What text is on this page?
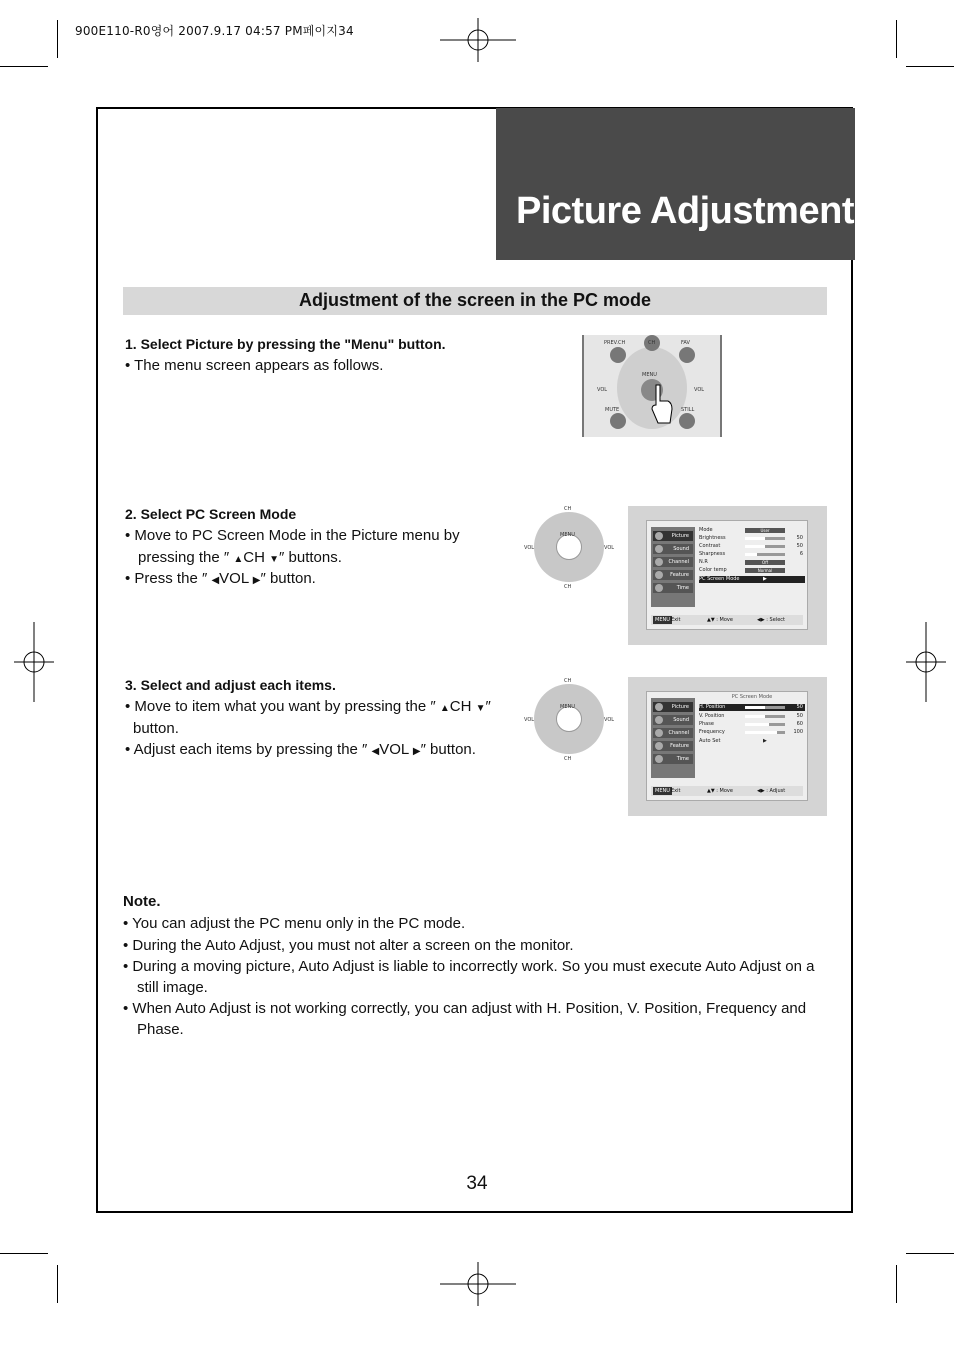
900E110-R0영어 2007.9.17 04:57 PM페이지34
Picture Adjustment
Adjustment of the screen in the PC mode
1. Select Picture by pressing the "Menu" button.
• The menu screen appears as follows.
PREV.CH	CH	FAV
MENU
VOL	VOL
MUTE	STILL
2. Select PC Screen Mode
• Move to PC Screen Mode in the Picture menu by
pressing the ″ ▲CH ▼″ buttons.
• Press the ″ ◀VOL ▶″ button.
CH
CH
MENU
VOL	VOL
Picture
Sound
Channel
Feature
Time
Mode	User
Brightness	50
Contrast	50
Sharpness	6
N.R	Off
Color temp	Normal
PC Screen Mode	▶
MENU Exit	▲▼ : Move	◀▶ : Select
3. Select and adjust each items.
• Move to item what you want by pressing the ″ ▲CH ▼″
button.
• Adjust each items by pressing the ″ ◀VOL ▶″ button.
CH
CH
MENU
VOL	VOL
Picture
Sound
Channel
Feature
Time
PC Screen Mode
H. Position	50
V. Position	50
Phase	60
Frequency	100
Auto Set	▶
MENU Exit	▲▼ : Move	◀▶ : Adjust
Note.
• You can adjust the PC menu only in the PC mode.
• During the Auto Adjust, you must not alter a screen on the monitor.
• During a moving picture, Auto Adjust is liable to incorrectly work. So you must execute Auto Adjust on a
still image.
• When Auto Adjust is not working correctly, you can adjust with H. Position, V. Position, Frequency and
Phase.
34
